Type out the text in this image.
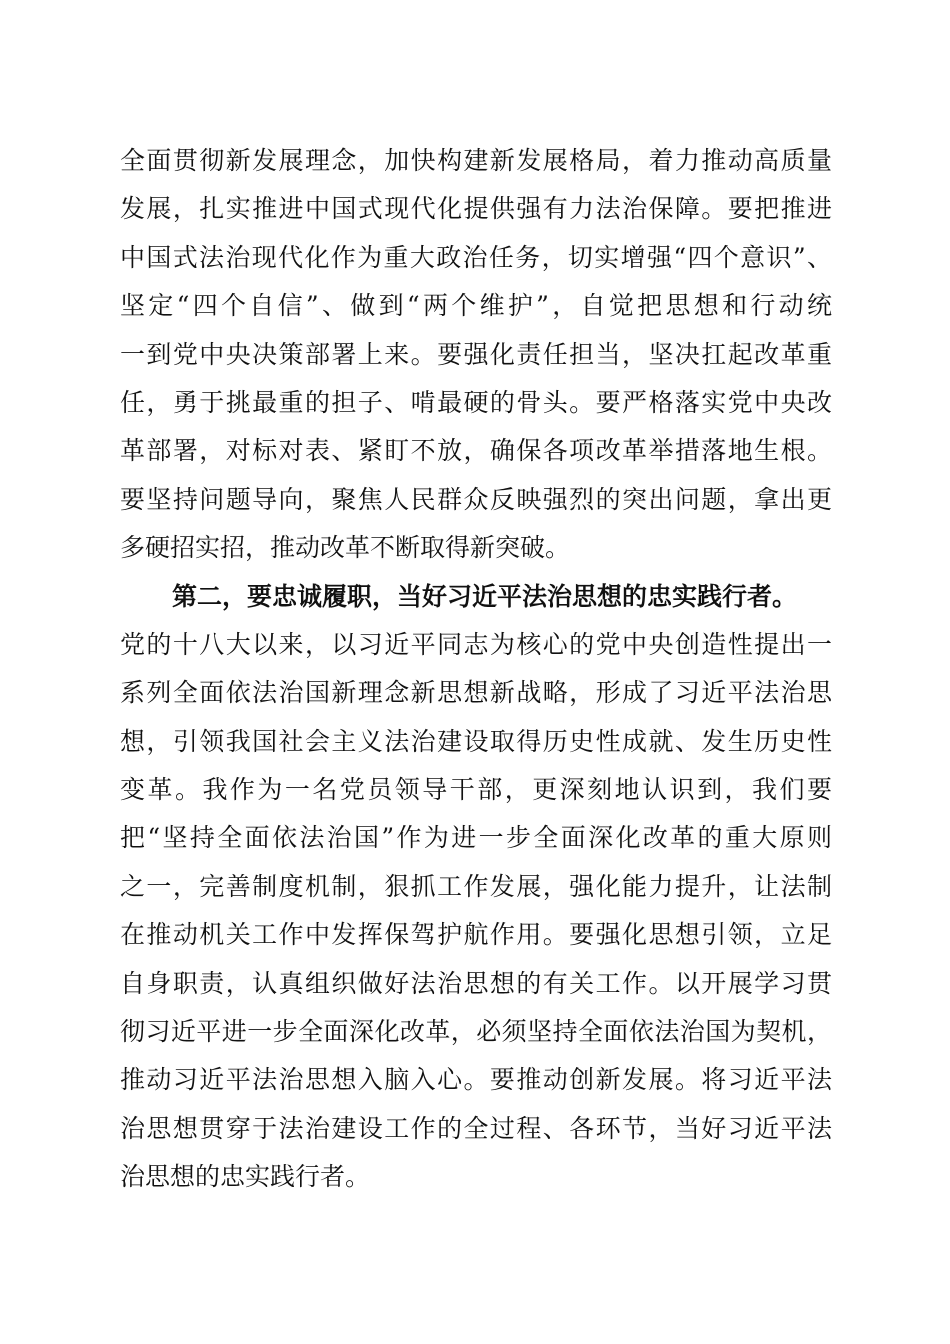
全面贯彻新发展理念，加快构建新发展格局，着力推动高质量
发展，扎实推进中国式现代化提供强有力法治保障。要把推进
中国式法治现代化作为重大政治任务，切实增强“四个意识”、
坚定“四个自信”、做到“两个维护”，自觉把思想和行动统
一到党中央决策部署上来。要强化责任担当，坚决扛起改革重
任，勇于挑最重的担子、啃最硬的骨头。要严格落实党中央改
革部署，对标对表、紧盯不放，确保各项改革举措落地生根。
要坚持问题导向，聚焦人民群众反映强烈的突出问题，拿出更
多硬招实招，推动改革不断取得新突破。
第二，要忠诚履职，当好习近平法治思想的忠实践行者。
党的十八大以来，以习近平同志为核心的党中央创造性提出一
系列全面依法治国新理念新思想新战略，形成了习近平法治思
想，引领我国社会主义法治建设取得历史性成就、发生历史性
变革。我作为一名党员领导干部，更深刻地认识到，我们要
把“坚持全面依法治国”作为进一步全面深化改革的重大原则
之一，完善制度机制，狠抓工作发展，强化能力提升，让法制
在推动机关工作中发挥保驾护航作用。要强化思想引领，立足
自身职责，认真组织做好法治思想的有关工作。以开展学习贯
彻习近平进一步全面深化改革，必须坚持全面依法治国为契机，
推动习近平法治思想入脑入心。要推动创新发展。将习近平法
治思想贯穿于法治建设工作的全过程、各环节，当好习近平法
治思想的忠实践行者。
